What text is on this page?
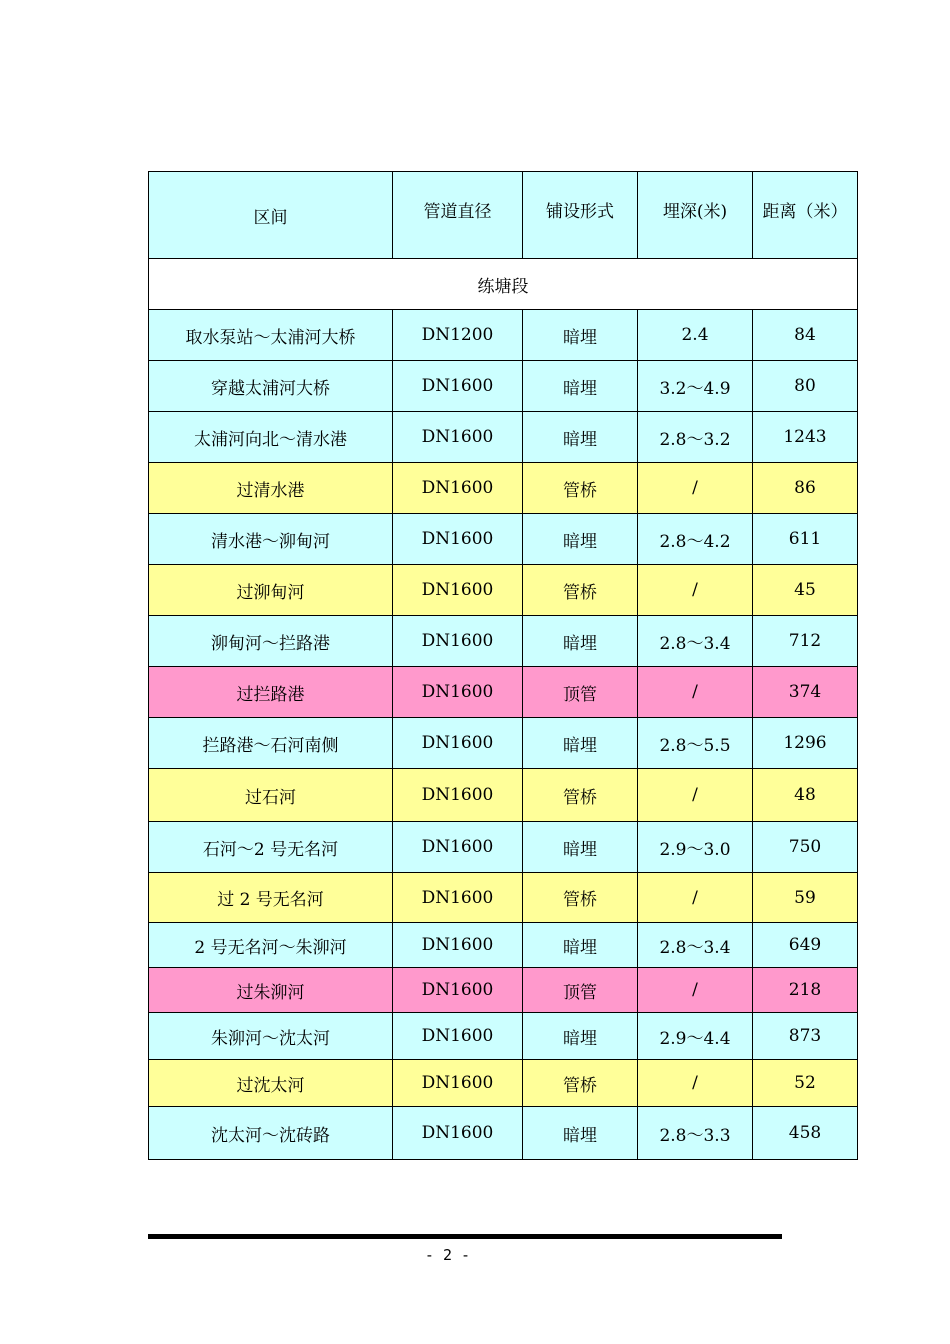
区间	管道直径	铺设形式	埋深(米)	距离（米）
练塘段				
取水泵站～太浦河大桥	DN1200	暗埋	2.4	84
穿越太浦河大桥	DN1600	暗埋	3.2～4.9	80
太浦河向北～清水港	DN1600	暗埋	2.8～3.2	1243
过清水港	DN1600	管桥	/	86
清水港～泖甸河	DN1600	暗埋	2.8～4.2	611
过泖甸河	DN1600	管桥	/	45
泖甸河～拦路港	DN1600	暗埋	2.8～3.4	712
过拦路港	DN1600	顶管	/	374
拦路港～石河南侧	DN1600	暗埋	2.8～5.5	1296
过石河	DN1600	管桥	/	48
石河～2 号无名河	DN1600	暗埋	2.9～3.0	750
过 2 号无名河	DN1600	管桥	/	59
2 号无名河～朱泖河	DN1600	暗埋	2.8～3.4	649
过朱泖河	DN1600	顶管	/	218
朱泖河～沈太河	DN1600	暗埋	2.9～4.4	873
过沈太河	DN1600	管桥	/	52
沈太河～沈砖路	DN1600	暗埋	2.8～3.3	458
- 2 -
